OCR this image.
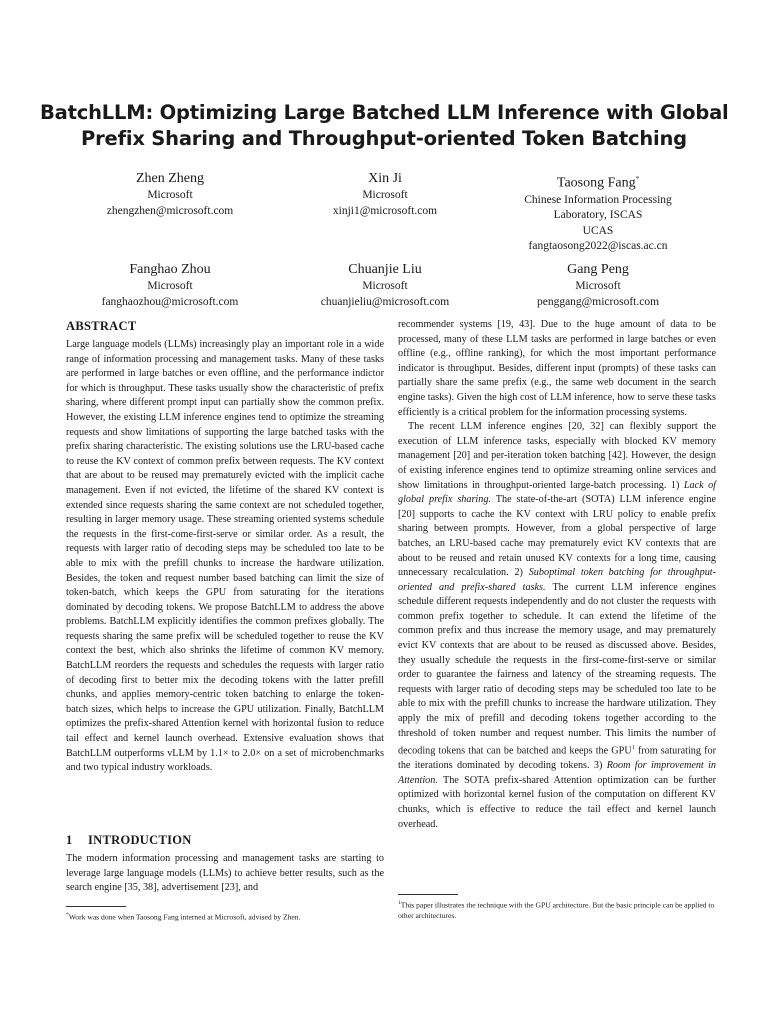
BatchLLM: Optimizing Large Batched LLM Inference with Global
Prefix Sharing and Throughput-oriented Token Batching
Zhen Zheng
Microsoft
zhengzhen@microsoft.com
Xin Ji
Microsoft
xinji1@microsoft.com
Taosong Fang*
Chinese Information Processing
Laboratory, ISCAS
UCAS
fangtaosong2022@iscas.ac.cn
Fanghao Zhou
Microsoft
fanghaozhou@microsoft.com
Chuanjie Liu
Microsoft
chuanjieliu@microsoft.com
Gang Peng
Microsoft
penggang@microsoft.com
ABSTRACT

Large language models (LLMs) increasingly play an important role in a wide range of information processing and management tasks. Many of these tasks are performed in large batches or even offline, and the performance indictor for which is throughput. These tasks usually show the characteristic of prefix sharing, where different prompt input can partially show the common prefix. However, the existing LLM inference engines tend to optimize the streaming requests and show limitations of supporting the large batched tasks with the prefix sharing characteristic. The existing solutions use the LRU-based cache to reuse the KV context of common prefix between requests. The KV context that are about to be reused may prematurely evicted with the implicit cache management. Even if not evicted, the lifetime of the shared KV context is extended since requests sharing the same context are not scheduled together, resulting in larger memory usage. These streaming oriented systems schedule the requests in the first-come-first-serve or similar order. As a result, the requests with larger ratio of decoding steps may be scheduled too late to be able to mix with the prefill chunks to increase the hardware utilization. Besides, the token and request number based batching can limit the size of token-batch, which keeps the GPU from saturating for the iterations dominated by decoding tokens. We propose BatchLLM to address the above problems. BatchLLM explicitly identifies the common prefixes globally. The requests sharing the same prefix will be scheduled together to reuse the KV context the best, which also shrinks the lifetime of common KV memory. BatchLLM reorders the requests and schedules the requests with larger ratio of decoding first to better mix the decoding tokens with the latter prefill chunks, and applies memory-centric token batching to enlarge the token-batch sizes, which helps to increase the GPU utilization. Finally, BatchLLM optimizes the prefix-shared Attention kernel with horizontal fusion to reduce tail effect and kernel launch overhead. Extensive evaluation shows that BatchLLM outperforms vLLM by 1.1× to 2.0× on a set of microbenchmarks and two typical industry workloads.

1 INTRODUCTION

The modern information processing and management tasks are starting to leverage large language models (LLMs) to achieve better results, such as the search engine [35, 38], advertisement [23], and

*Work was done when Taosong Fang interned at Microsoft, advised by Zhen.

recommender systems [19, 43]. Due to the huge amount of data to be processed, many of these LLM tasks are performed in large batches or even offline (e.g., offline ranking), for which the most important performance indicator is throughput. Besides, different input (prompts) of these tasks can partially share the same prefix (e.g., the same web document in the search engine tasks). Given the high cost of LLM inference, how to serve these tasks efficiently is a critical problem for the information processing systems.

The recent LLM inference engines [20, 32] can flexibly support the execution of LLM inference tasks, especially with blocked KV memory management [20] and per-iteration token batching [42]. However, the design of existing inference engines tend to optimize streaming online services and show limitations in throughput-oriented large-batch processing. 1) Lack of global prefix sharing. The state-of-the-art (SOTA) LLM inference engine [20] supports to cache the KV context with LRU policy to enable prefix sharing between prompts. However, from a global perspective of large batches, an LRU-based cache may prematurely evict KV contexts that are about to be reused and retain unused KV contexts for a long time, causing unnecessary recalculation. 2) Suboptimal token batching for throughput-oriented and prefix-shared tasks. The current LLM inference engines schedule different requests independently and do not cluster the requests with common prefix together to schedule. It can extend the lifetime of the common prefix and thus increase the memory usage, and may prematurely evict KV contexts that are about to be reused as discussed above. Besides, they usually schedule the requests in the first-come-first-serve or similar order to guarantee the fairness and latency of the streaming requests. The requests with larger ratio of decoding steps may be scheduled too late to be able to mix with the prefill chunks to increase the hardware utilization. They apply the mix of prefill and decoding tokens together according to the threshold of token number and request number. This limits the number of decoding tokens that can be batched and keeps the GPU$^1$ from saturating for the iterations dominated by decoding tokens. 3) Room for improvement in Attention. The SOTA prefix-shared Attention optimization can be further optimized with horizontal kernel fusion of the computation on different KV chunks, which is effective to reduce the tail effect and kernel launch overhead.

$^1$This paper illustrates the technique with the GPU architecture. But the basic principle can be applied to other architectures.
